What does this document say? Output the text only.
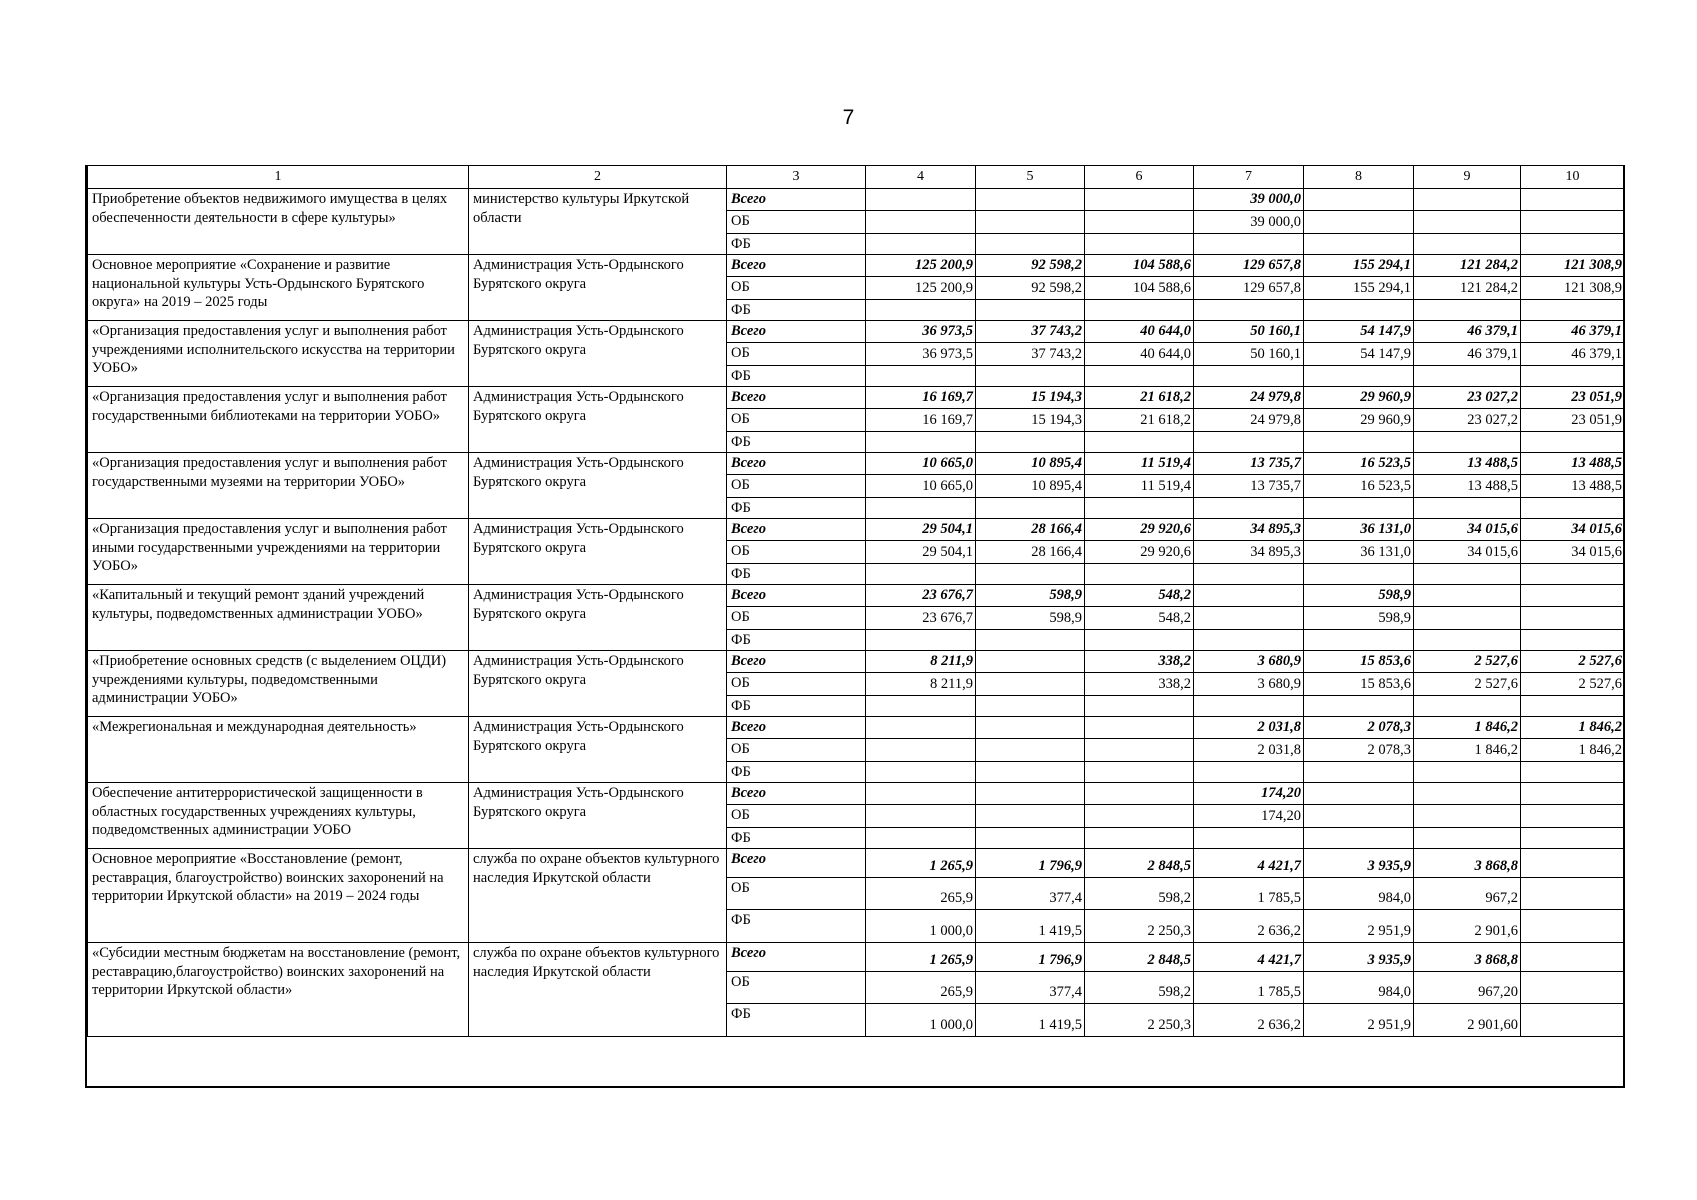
7
1	2	3	4	5	6	7	8	9	10
Приобретение объектов недвижимого имущества в целях обеспеченности деятельности в сфере культуры»	министерство культуры Иркутской области	Всего				39 000,0			
		ОБ				39 000,0			
		ФБ							
Основное мероприятие «Сохранение и развитие национальной культуры Усть-Ордынского Бурятского округа» на 2019 – 2025 годы	Администрация Усть-Ордынского Бурятского округа	Всего	125 200,9	92 598,2	104 588,6	129 657,8	155 294,1	121 284,2	121 308,9
		ОБ	125 200,9	92 598,2	104 588,6	129 657,8	155 294,1	121 284,2	121 308,9
		ФБ							
«Организация предоставления услуг и выполнения работ учреждениями исполнительского искусства на территории УОБО»	Администрация Усть-Ордынского Бурятского округа	Всего	36 973,5	37 743,2	40 644,0	50 160,1	54 147,9	46 379,1	46 379,1
		ОБ	36 973,5	37 743,2	40 644,0	50 160,1	54 147,9	46 379,1	46 379,1
		ФБ							
«Организация предоставления услуг и выполнения работ государственными библиотеками на территории УОБО»	Администрация Усть-Ордынского Бурятского округа	Всего	16 169,7	15 194,3	21 618,2	24 979,8	29 960,9	23 027,2	23 051,9
		ОБ	16 169,7	15 194,3	21 618,2	24 979,8	29 960,9	23 027,2	23 051,9
		ФБ							
«Организация предоставления услуг и выполнения работ государственными музеями на территории УОБО»	Администрация Усть-Ордынского Бурятского округа	Всего	10 665,0	10 895,4	11 519,4	13 735,7	16 523,5	13 488,5	13 488,5
		ОБ	10 665,0	10 895,4	11 519,4	13 735,7	16 523,5	13 488,5	13 488,5
		ФБ							
«Организация предоставления услуг и выполнения работ иными государственными учреждениями на территории УОБО»	Администрация Усть-Ордынского Бурятского округа	Всего	29 504,1	28 166,4	29 920,6	34 895,3	36 131,0	34 015,6	34 015,6
		ОБ	29 504,1	28 166,4	29 920,6	34 895,3	36 131,0	34 015,6	34 015,6
		ФБ							
«Капитальный и текущий ремонт зданий учреждений культуры, подведомственных администрации УОБО»	Администрация Усть-Ордынского Бурятского округа	Всего	23 676,7	598,9	548,2		598,9		
		ОБ	23 676,7	598,9	548,2		598,9		
		ФБ							
«Приобретение основных средств (с выделением ОЦДИ) учреждениями культуры, подведомственными администрации УОБО»	Администрация Усть-Ордынского Бурятского округа	Всего	8 211,9		338,2	3 680,9	15 853,6	2 527,6	2 527,6
		ОБ	8 211,9		338,2	3 680,9	15 853,6	2 527,6	2 527,6
		ФБ							
«Межрегиональная и международная деятельность»	Администрация Усть-Ордынского Бурятского округа	Всего				2 031,8	2 078,3	1 846,2	1 846,2
		ОБ				2 031,8	2 078,3	1 846,2	1 846,2
		ФБ							
Обеспечение антитеррористической защищенности в областных государственных учреждениях культуры, подведомственных администрации УОБО	Администрация Усть-Ордынского Бурятского округа	Всего				174,20			
		ОБ				174,20			
		ФБ							
Основное мероприятие «Восстановление (ремонт, реставрация, благоустройство) воинских захоронений на территории Иркутской области» на 2019 – 2024 годы	служба по охране объектов культурного наследия Иркутской области	Всего	1 265,9	1 796,9	2 848,5	4 421,7	3 935,9	3 868,8	
		ОБ	265,9	377,4	598,2	1 785,5	984,0	967,2	
		ФБ	1 000,0	1 419,5	2 250,3	2 636,2	2 951,9	2 901,6	
«Субсидии местным бюджетам на восстановление (ремонт, реставрацию,благоустройство) воинских захоронений на территории Иркутской области»	служба по охране объектов культурного наследия Иркутской области	Всего	1 265,9	1 796,9	2 848,5	4 421,7	3 935,9	3 868,8	
		ОБ	265,9	377,4	598,2	1 785,5	984,0	967,20	
		ФБ	1 000,0	1 419,5	2 250,3	2 636,2	2 951,9	2 901,60	
